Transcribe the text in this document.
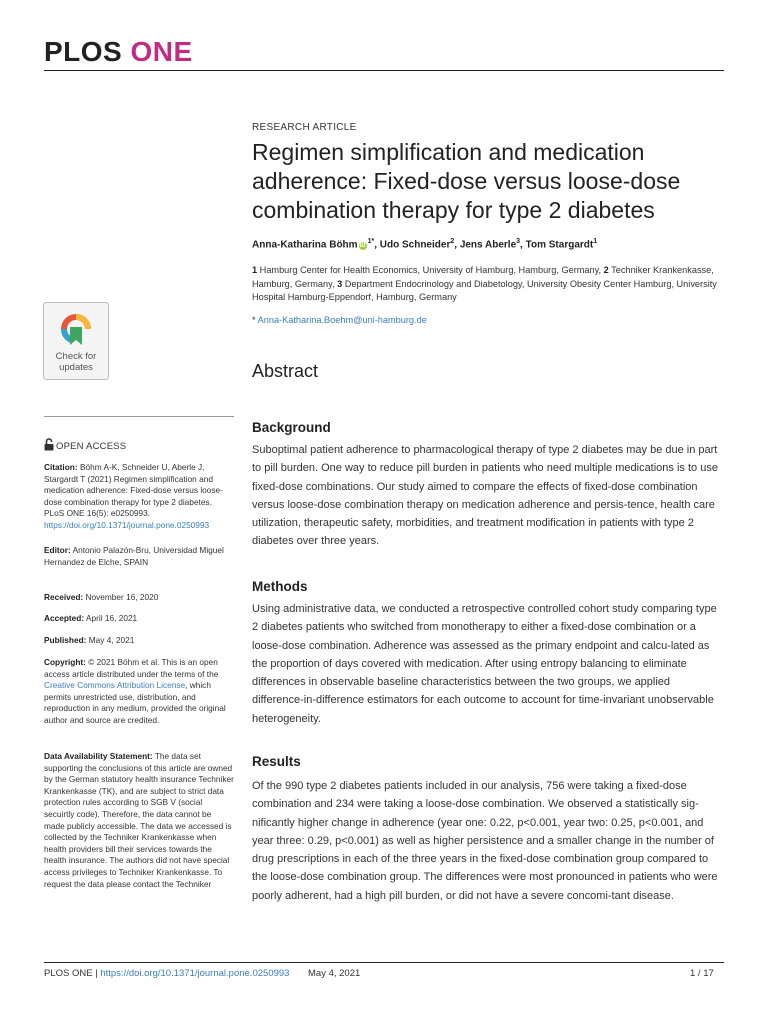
PLOS ONE
RESEARCH ARTICLE
Regimen simplification and medication
adherence: Fixed-dose versus loose-dose
combination therapy for type 2 diabetes
Anna-Katharina Böhm $iD^{1*}$, Udo Schneider$^2$, Jens Aberle$^3$, Tom Stargardt$^1$
1 Hamburg Center for Health Economics, University of Hamburg, Hamburg, Germany, 2 Techniker Krankenkasse, Hamburg, Germany, 3 Department Endocrinology and Diabetology, University Obesity Center Hamburg, University Hospital Hamburg-Eppendorf, Hamburg, Germany
* Anna-Katharina.Boehm@uni-hamburg.de
Abstract
Background

Suboptimal patient adherence to pharmacological therapy of type 2 diabetes may be due in part to pill burden. One way to reduce pill burden in patients who need multiple medications is to use fixed-dose combinations. Our study aimed to compare the effects of fixed-dose combination versus loose-dose combination therapy on medication adherence and persis-tence, health care utilization, therapeutic safety, morbidities, and treatment modification in patients with type 2 diabetes over three years.

Methods

Using administrative data, we conducted a retrospective controlled cohort study comparing type 2 diabetes patients who switched from monotherapy to either a fixed-dose combination or a loose-dose combination. Adherence was assessed as the primary endpoint and calcu-lated as the proportion of days covered with medication. After using entropy balancing to eliminate differences in observable baseline characteristics between the two groups, we applied difference-in-difference estimators for each outcome to account for time-invariant unobservable heterogeneity.

Results

Of the 990 type 2 diabetes patients included in our analysis, 756 were taking a fixed-dose combination and 234 were taking a loose-dose combination. We observed a statistically sig-nificantly higher change in adherence (year one: 0.22, p<0.001, year two: 0.25, p<0.001, and year three: 0.29, p<0.001) as well as higher persistence and a smaller change in the number of drug prescriptions in each of the three years in the fixed-dose combination group compared to the loose-dose combination group. The differences were most pronounced in patients who were poorly adherent, had a high pill burden, or did not have a severe concomi-tant disease.

Check for
updates
OPEN ACCESS
Citation: Böhm A-K, Schneider U, Aberle J, Stargardt T (2021) Regimen simplification and medication adherence: Fixed-dose versus loose-dose combination therapy for type 2 diabetes. PLoS ONE 16(5): e0250993. https://doi.org/10.1371/journal.pone.0250993
Editor: Antonio Palazón-Bru, Universidad Miguel Hernandez de Elche, SPAIN
Received: November 16, 2020
Accepted: April 16, 2021
Published: May 4, 2021
Copyright: © 2021 Böhm et al. This is an open access article distributed under the terms of the Creative Commons Attribution License, which permits unrestricted use, distribution, and reproduction in any medium, provided the original author and source are credited.
Data Availability Statement: The data set supporting the conclusions of this article are owned by the German statutory health insurance Techniker Krankenkasse (TK), and are subject to strict data protection rules according to SGB V (social secuirtly code). Therefore, the data cannot be made publicly accessible. The data we accessed is collected by the Techniker Krankenkasse when health providers bill their services towards the health insurance. The authors did not have special access privileges to Techniker Krankenkasse. To request the data please contact the Techniker
PLOS ONE | https://doi.org/10.1371/journal.pone.0250993 May 4, 2021	1 / 17
